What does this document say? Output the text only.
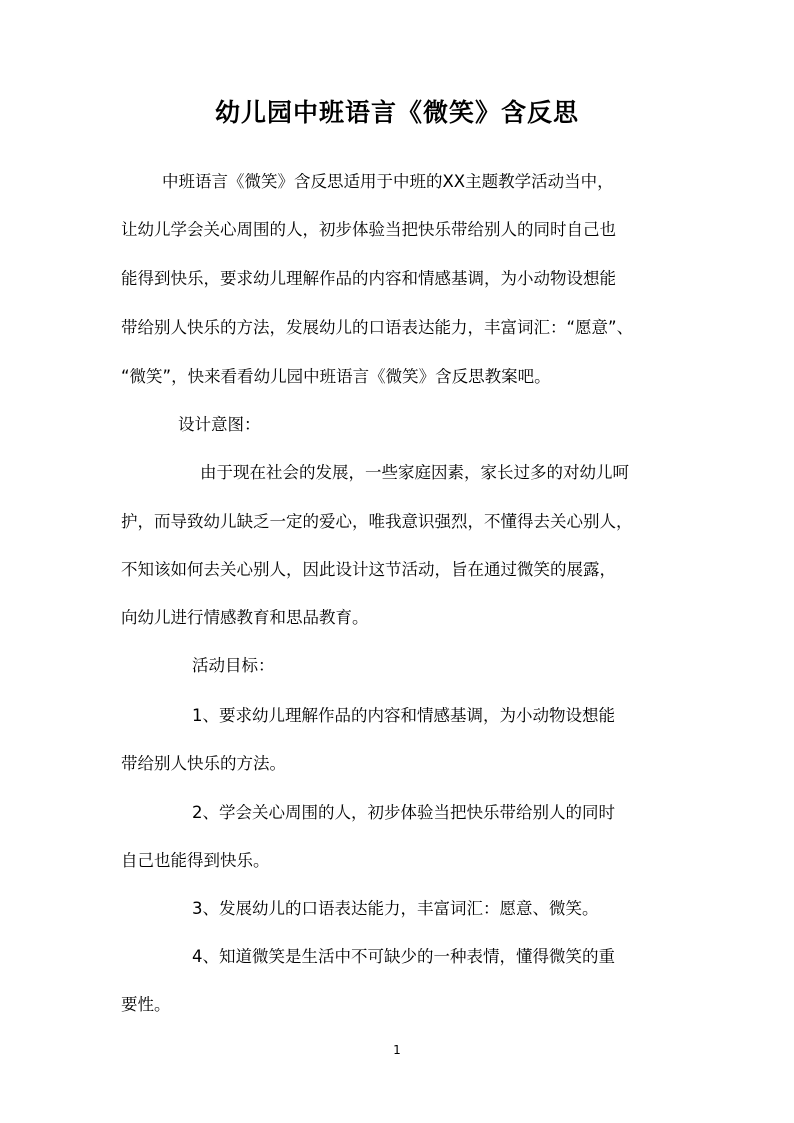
幼儿园中班语言《微笑》含反思
中班语言《微笑》含反思适用于中班的XX主题教学活动当中，
让幼儿学会关心周围的人，初步体验当把快乐带给别人的同时自己也
能得到快乐，要求幼儿理解作品的内容和情感基调，为小动物设想能
带给别人快乐的方法，发展幼儿的口语表达能力，丰富词汇：“愿意”、
“微笑”，快来看看幼儿园中班语言《微笑》含反思教案吧。
设计意图：
由于现在社会的发展，一些家庭因素，家长过多的对幼儿呵
护，而导致幼儿缺乏一定的爱心，唯我意识强烈，不懂得去关心别人，
不知该如何去关心别人，因此设计这节活动，旨在通过微笑的展露，
向幼儿进行情感教育和思品教育。
活动目标：
1、要求幼儿理解作品的内容和情感基调，为小动物设想能
带给别人快乐的方法。
2、学会关心周围的人，初步体验当把快乐带给别人的同时
自己也能得到快乐。
3、发展幼儿的口语表达能力，丰富词汇：愿意、微笑。
4、知道微笑是生活中不可缺少的一种表情，懂得微笑的重
要性。
1
